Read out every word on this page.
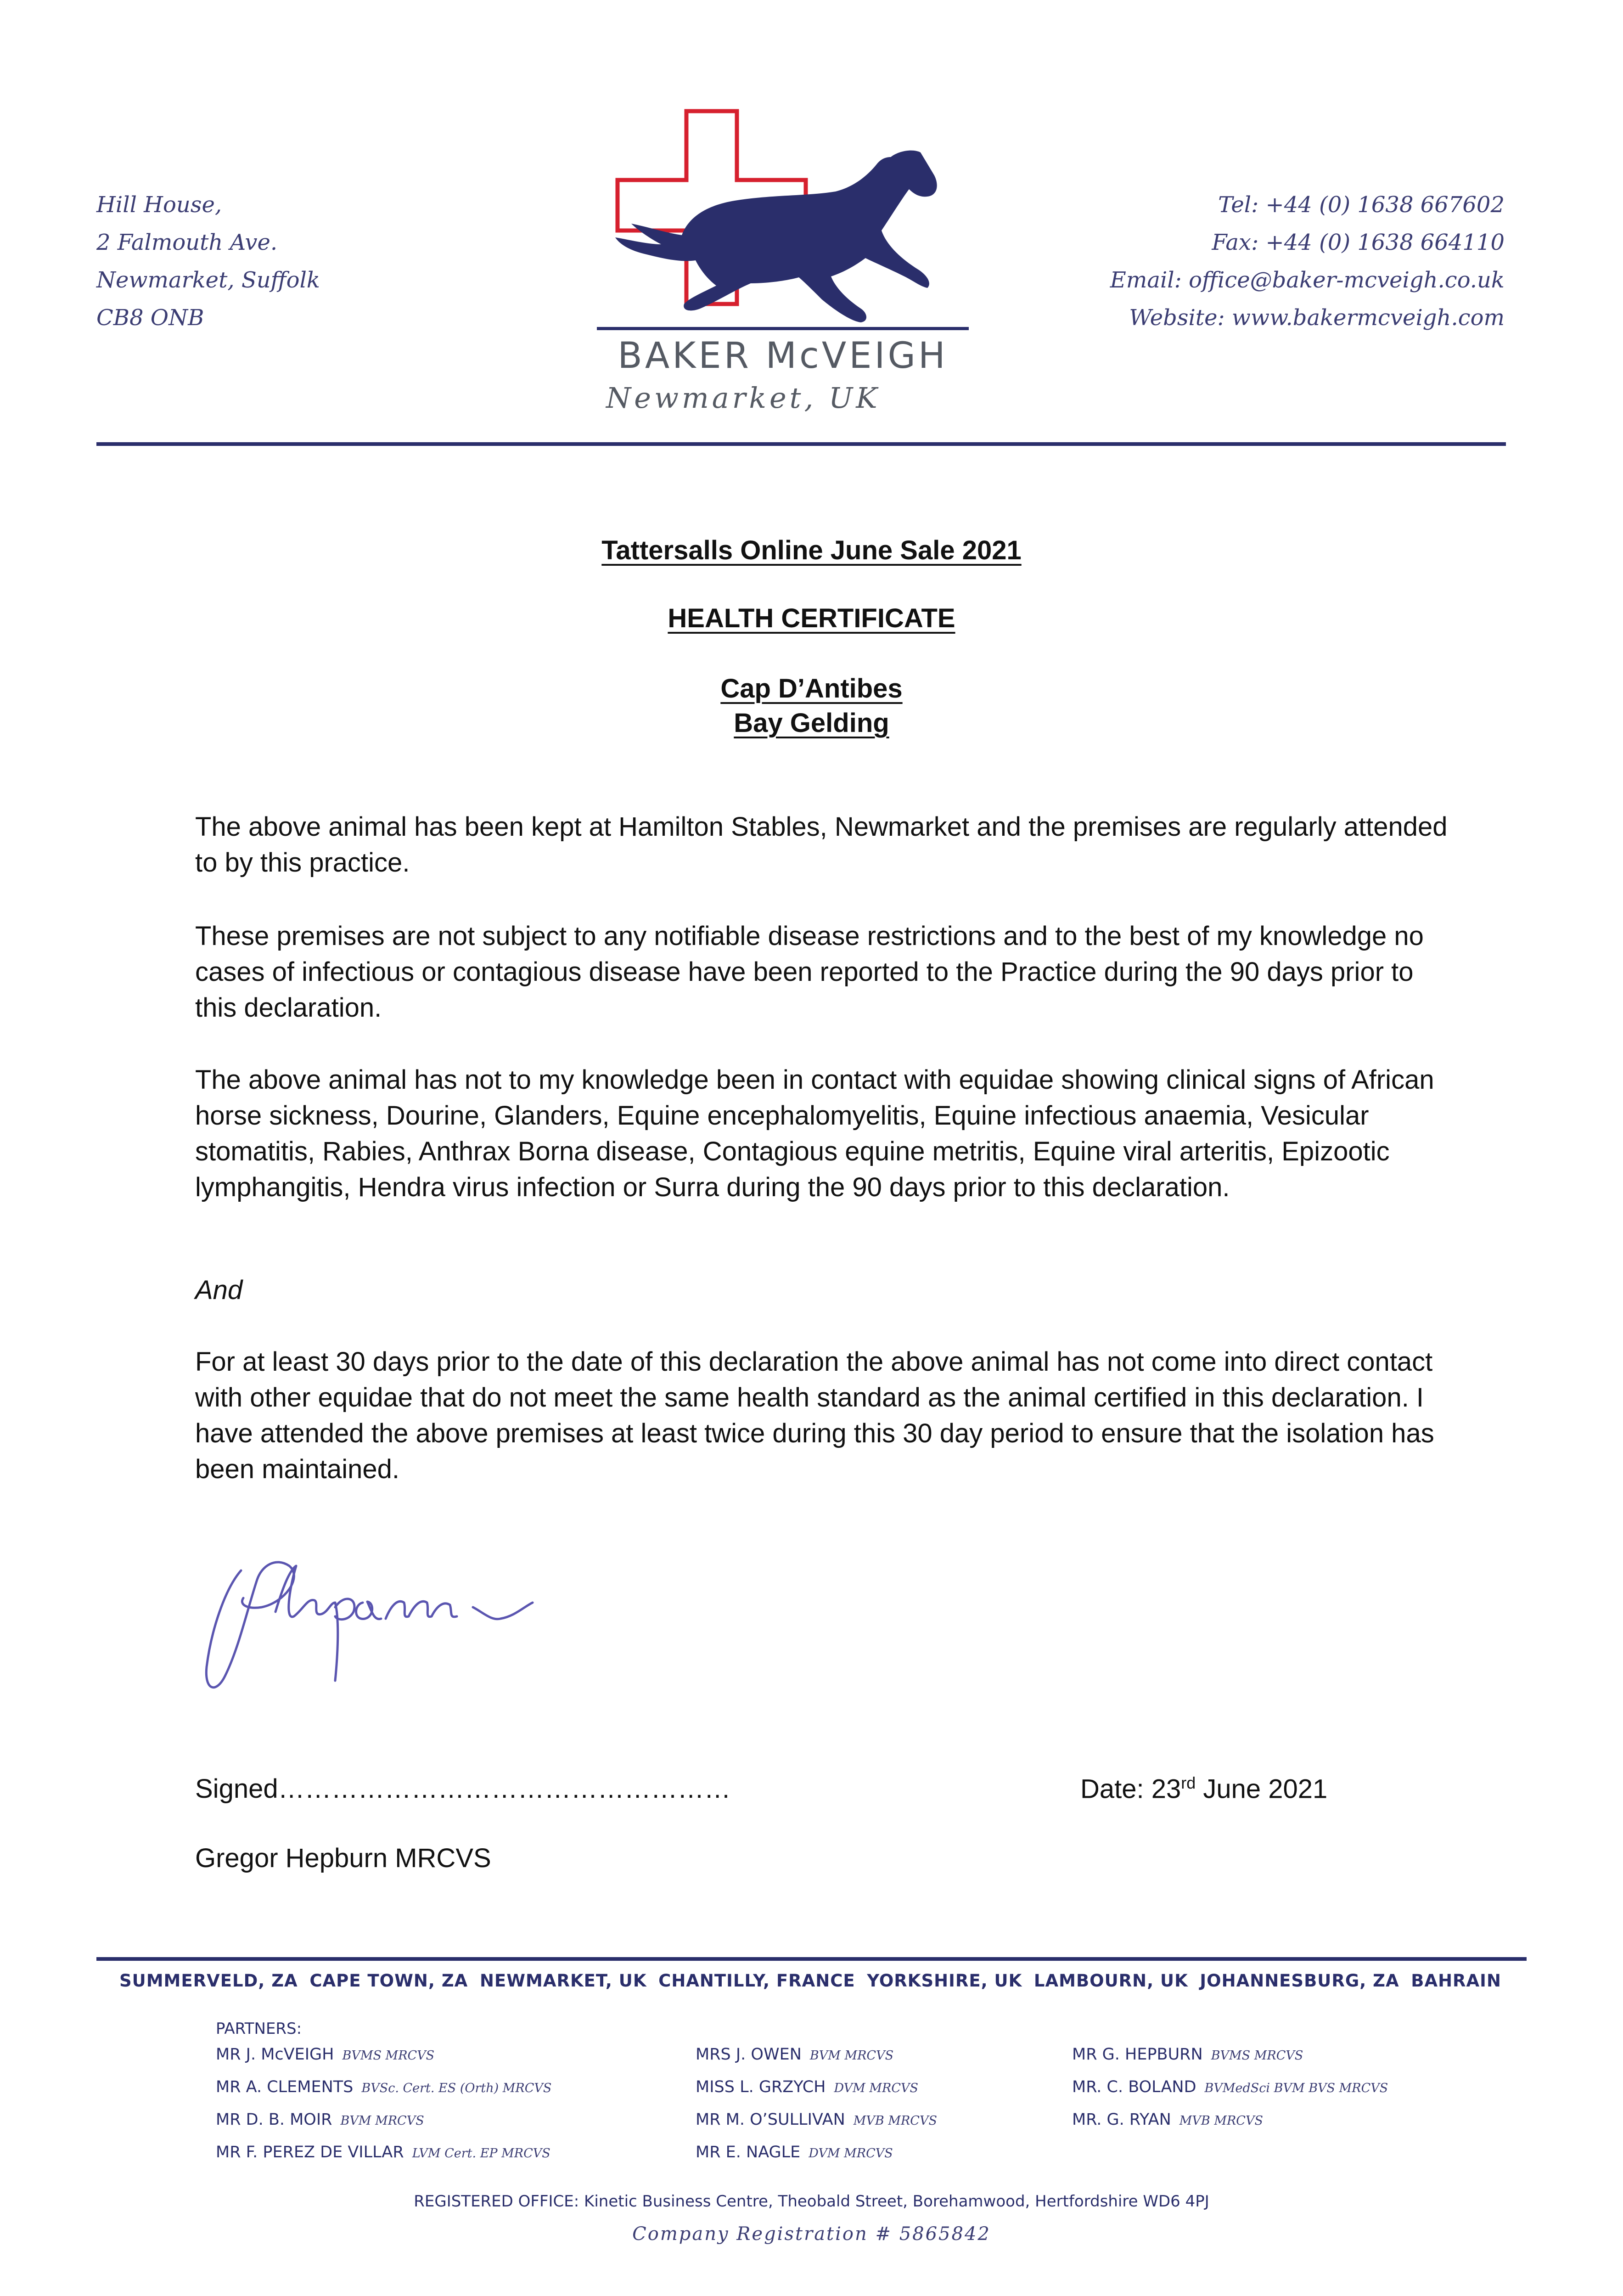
Hill House,
2 Falmouth Ave.
Newmarket, Suffolk
CB8 ONB
BAKER McVEIGH
Newmarket, UK
Tel: +44 (0) 1638 667602
Fax: +44 (0) 1638 664110
Email: office@baker-mcveigh.co.uk
Website: www.bakermcveigh.com
Tattersalls Online June Sale 2021
HEALTH CERTIFICATE
Cap D’Antibes
Bay Gelding

The above animal has been kept at Hamilton Stables, Newmarket and the premises are regularly attended to by this practice.

These premises are not subject to any notifiable disease restrictions and to the best of my knowledge no cases of infectious or contagious disease have been reported to the Practice during the 90 days prior to this declaration.

The above animal has not to my knowledge been in contact with equidae showing clinical signs of African horse sickness, Dourine, Glanders, Equine encephalomyelitis, Equine infectious anaemia, Vesicular stomatitis, Rabies, Anthrax Borna disease, Contagious equine metritis, Equine viral arteritis, Epizootic lymphangitis, Hendra virus infection or Surra during the 90 days prior to this declaration.

And

For at least 30 days prior to the date of this declaration the above animal has not come into direct contact with other equidae that do not meet the same health standard as the animal certified in this declaration. I have attended the above premises at least twice during this 30 day period to ensure that the isolation has been maintained.

Signed……………………………………………	Date: 23rd June 2021
Gregor Hepburn MRCVS
SUMMERVELD, ZA CAPE TOWN, ZA NEWMARKET, UK CHANTILLY, FRANCE YORKSHIRE, UK LAMBOURN, UK JOHANNESBURG, ZA BAHRAIN
PARTNERS:
MR J. McVEIGH BVMS MRCVS
MR A. CLEMENTS BVSc. Cert. ES (Orth) MRCVS
MR D. B. MOIR BVM MRCVS
MR F. PEREZ DE VILLAR LVM Cert. EP MRCVS
MRS J. OWEN BVM MRCVS
MISS L. GRZYCH DVM MRCVS
MR M. O’SULLIVAN MVB MRCVS
MR E. NAGLE DVM MRCVS
MR G. HEPBURN BVMS MRCVS
MR. C. BOLAND BVMedSci BVM BVS MRCVS
MR. G. RYAN MVB MRCVS
REGISTERED OFFICE: Kinetic Business Centre, Theobald Street, Borehamwood, Hertfordshire WD6 4PJ
Company Registration # 5865842
